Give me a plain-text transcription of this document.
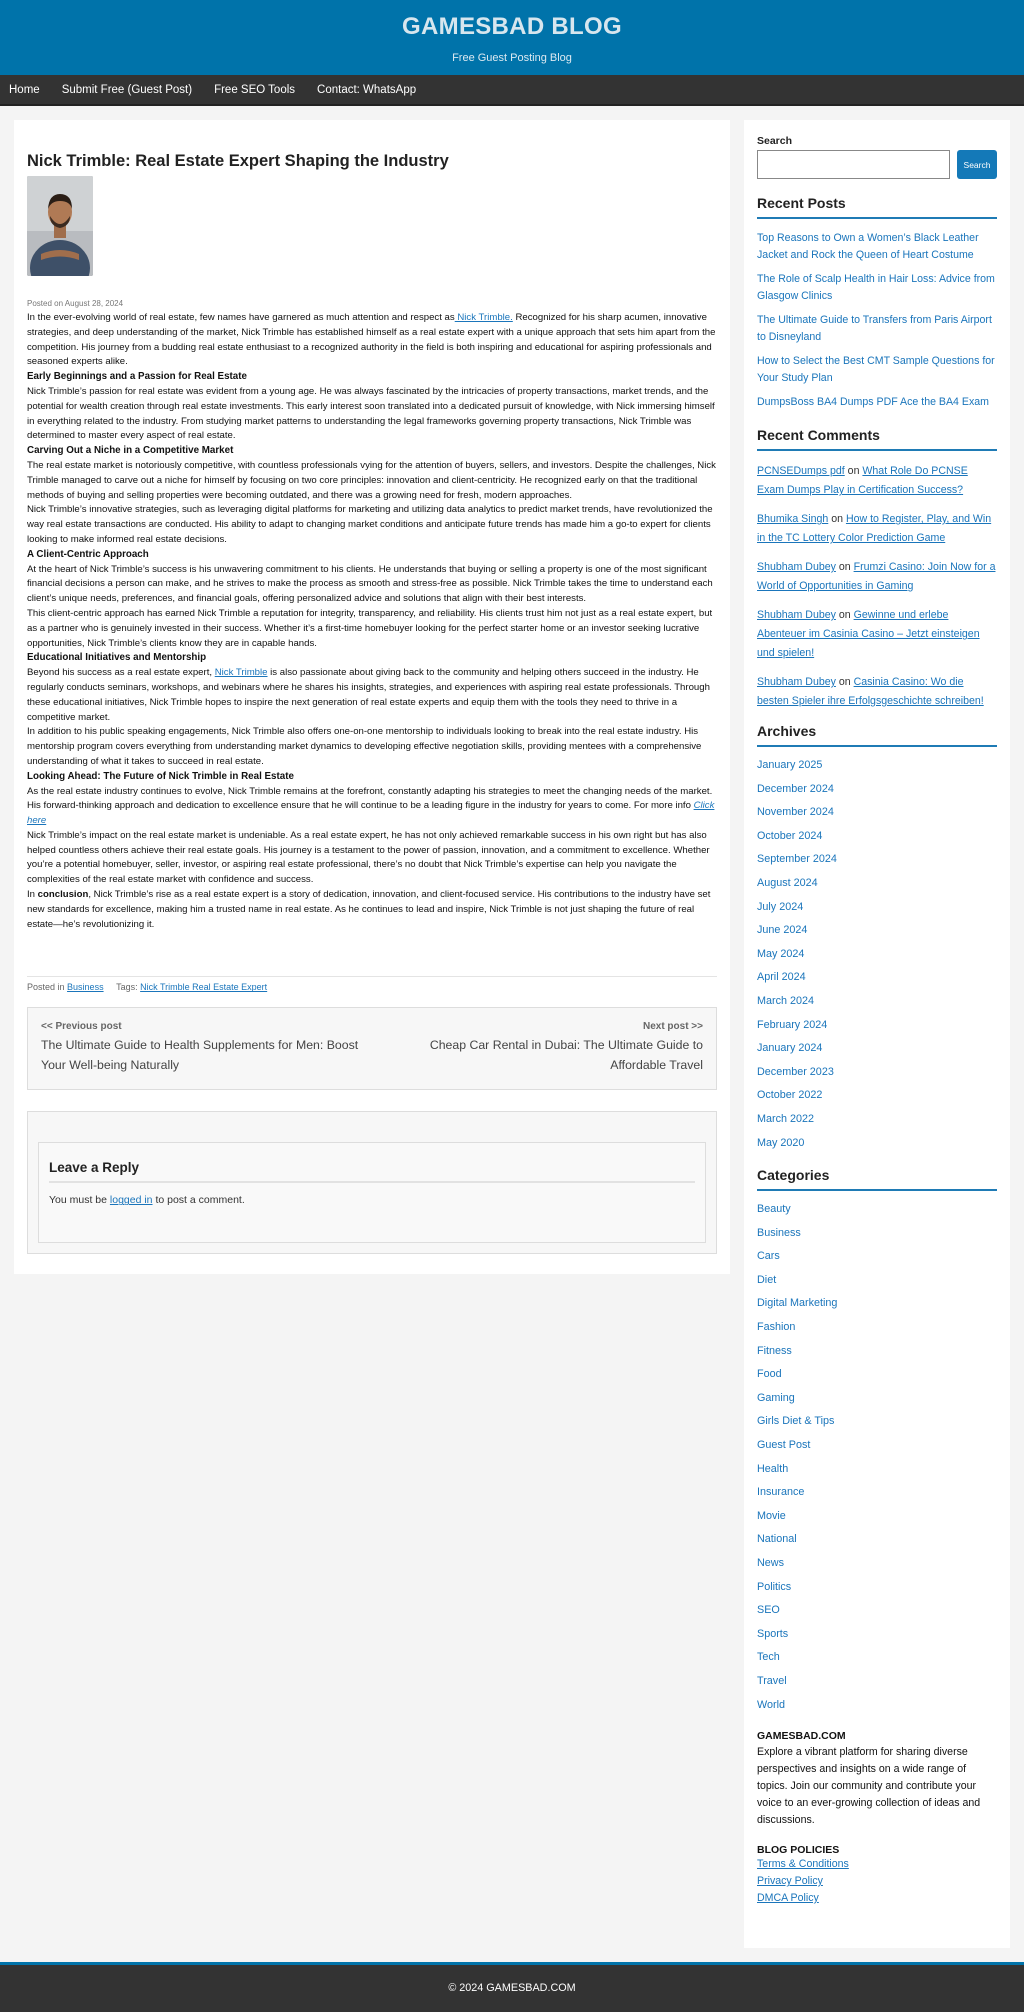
GAMESBAD BLOG
Free Guest Posting Blog
Home Submit Free (Guest Post) Free SEO Tools Contact: WhatsApp
Nick Trimble: Real Estate Expert Shaping the Industry
Posted on August 28, 2024

In the ever-evolving world of real estate, few names have garnered as much attention and respect as Nick Trimble. Recognized for his sharp acumen, innovative strategies, and deep understanding of the market, Nick Trimble has established himself as a real estate expert with a unique approach that sets him apart from the competition. His journey from a budding real estate enthusiast to a recognized authority in the field is both inspiring and educational for aspiring professionals and seasoned experts alike.

Early Beginnings and a Passion for Real Estate

Nick Trimble’s passion for real estate was evident from a young age. He was always fascinated by the intricacies of property transactions, market trends, and the potential for wealth creation through real estate investments. This early interest soon translated into a dedicated pursuit of knowledge, with Nick immersing himself in everything related to the industry. From studying market patterns to understanding the legal frameworks governing property transactions, Nick Trimble was determined to master every aspect of real estate.

Carving Out a Niche in a Competitive Market

The real estate market is notoriously competitive, with countless professionals vying for the attention of buyers, sellers, and investors. Despite the challenges, Nick Trimble managed to carve out a niche for himself by focusing on two core principles: innovation and client-centricity. He recognized early on that the traditional methods of buying and selling properties were becoming outdated, and there was a growing need for fresh, modern approaches.

Nick Trimble’s innovative strategies, such as leveraging digital platforms for marketing and utilizing data analytics to predict market trends, have revolutionized the way real estate transactions are conducted. His ability to adapt to changing market conditions and anticipate future trends has made him a go-to expert for clients looking to make informed real estate decisions.

A Client-Centric Approach

At the heart of Nick Trimble’s success is his unwavering commitment to his clients. He understands that buying or selling a property is one of the most significant financial decisions a person can make, and he strives to make the process as smooth and stress-free as possible. Nick Trimble takes the time to understand each client’s unique needs, preferences, and financial goals, offering personalized advice and solutions that align with their best interests.

This client-centric approach has earned Nick Trimble a reputation for integrity, transparency, and reliability. His clients trust him not just as a real estate expert, but as a partner who is genuinely invested in their success. Whether it’s a first-time homebuyer looking for the perfect starter home or an investor seeking lucrative opportunities, Nick Trimble’s clients know they are in capable hands.

Educational Initiatives and Mentorship

Beyond his success as a real estate expert, Nick Trimble is also passionate about giving back to the community and helping others succeed in the industry. He regularly conducts seminars, workshops, and webinars where he shares his insights, strategies, and experiences with aspiring real estate professionals. Through these educational initiatives, Nick Trimble hopes to inspire the next generation of real estate experts and equip them with the tools they need to thrive in a competitive market.

In addition to his public speaking engagements, Nick Trimble also offers one-on-one mentorship to individuals looking to break into the real estate industry. His mentorship program covers everything from understanding market dynamics to developing effective negotiation skills, providing mentees with a comprehensive understanding of what it takes to succeed in real estate.

Looking Ahead: The Future of Nick Trimble in Real Estate

As the real estate industry continues to evolve, Nick Trimble remains at the forefront, constantly adapting his strategies to meet the changing needs of the market. His forward-thinking approach and dedication to excellence ensure that he will continue to be a leading figure in the industry for years to come. For more info Click here

Nick Trimble’s impact on the real estate market is undeniable. As a real estate expert, he has not only achieved remarkable success in his own right but has also helped countless others achieve their real estate goals. His journey is a testament to the power of passion, innovation, and a commitment to excellence. Whether you’re a potential homebuyer, seller, investor, or aspiring real estate professional, there’s no doubt that Nick Trimble’s expertise can help you navigate the complexities of the real estate market with confidence and success.

In conclusion, Nick Trimble’s rise as a real estate expert is a story of dedication, innovation, and client-focused service. His contributions to the industry have set new standards for excellence, making him a trusted name in real estate. As he continues to lead and inspire, Nick Trimble is not just shaping the future of real estate—he’s revolutionizing it.

Posted in Business Tags: Nick Trimble Real Estate Expert
<< Previous post
The Ultimate Guide to Health Supplements for Men: Boost Your Well-being Naturally
Next post >>
Cheap Car Rental in Dubai: The Ultimate Guide to Affordable Travel
Leave a Reply
You must be logged in to post a comment.
Search
Search
Recent Posts
Top Reasons to Own a Women’s Black Leather Jacket and Rock the Queen of Heart Costume
The Role of Scalp Health in Hair Loss: Advice from Glasgow Clinics
The Ultimate Guide to Transfers from Paris Airport to Disneyland
How to Select the Best CMT Sample Questions for Your Study Plan
DumpsBoss BA4 Dumps PDF Ace the BA4 Exam
Recent Comments
PCNSEDumps pdf on What Role Do PCNSE Exam Dumps Play in Certification Success?
Bhumika Singh on How to Register, Play, and Win in the TC Lottery Color Prediction Game
Shubham Dubey on Frumzi Casino: Join Now for a World of Opportunities in Gaming
Shubham Dubey on Gewinne und erlebe Abenteuer im Casinia Casino – Jetzt einsteigen und spielen!
Shubham Dubey on Casinia Casino: Wo die besten Spieler ihre Erfolgsgeschichte schreiben!
Archives
January 2025
December 2024
November 2024
October 2024
September 2024
August 2024
July 2024
June 2024
May 2024
April 2024
March 2024
February 2024
January 2024
December 2023
October 2022
March 2022
May 2020
Categories
Beauty
Business
Cars
Diet
Digital Marketing
Fashion
Fitness
Food
Gaming
Girls Diet & Tips
Guest Post
Health
Insurance
Movie
National
News
Politics
SEO
Sports
Tech
Travel
World
GAMESBAD.COM
Explore a vibrant platform for sharing diverse perspectives and insights on a wide range of topics. Join our community and contribute your voice to an ever-growing collection of ideas and discussions.
BLOG POLICIES
Terms & Conditions
Privacy Policy
DMCA Policy
© 2024 GAMESBAD.COM
